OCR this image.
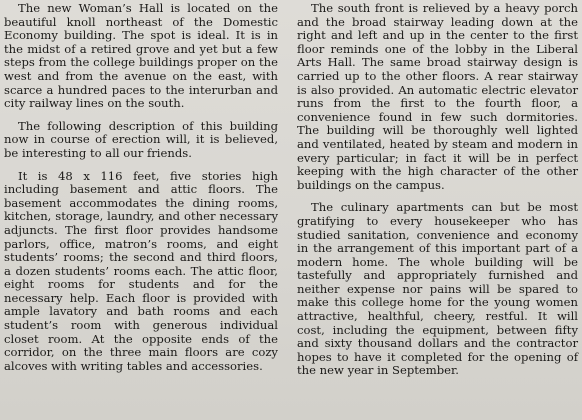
The new Woman’s Hall is located on the beautiful knoll northeast of the Domestic Economy building. The spot is ideal. It is in the midst of a retired grove and yet but a few steps from the college buildings proper on the west and from the avenue on the east, with scarce a hundred paces to the interurban and city railway lines on the south.

The following description of this building now in course of erection will, it is believed, be interesting to all our friends.

It is 48 x 116 feet, five stories high including basement and attic floors. The basement accommodates the dining rooms, kitchen, storage, laundry, and other necessary adjuncts. The first floor provides handsome parlors, office, matron’s rooms, and eight students’ rooms; the second and third floors, a dozen students’ rooms each. The attic floor, eight rooms for students and for the necessary help. Each floor is provided with ample lavatory and bath rooms and each student’s room with generous individual closet room. At the opposite ends of the corridor, on the three main floors are cozy alcoves with writing tables and accessories.

The south front is relieved by a heavy porch and the broad stairway leading down at the right and left and up in the center to the first floor reminds one of the lobby in the Liberal Arts Hall. The same broad stairway design is carried up to the other floors. A rear stairway is also provided. An automatic electric elevator runs from the first to the fourth floor, a convenience found in few such dormitories. The building will be thoroughly well lighted and ventilated, heated by steam and modern in every particular; in fact it will be in perfect keeping with the high character of the other buildings on the campus.

The culinary apartments can but be most gratifying to every housekeeper who has studied sanitation, convenience and economy in the arrangement of this important part of a modern home. The whole building will be tastefully and appropriately furnished and neither expense nor pains will be spared to make this college home for the young women attractive, healthful, cheery, restful. It will cost, including the equipment, between fifty and sixty thousand dollars and the contractor hopes to have it completed for the opening of the new year in September.
